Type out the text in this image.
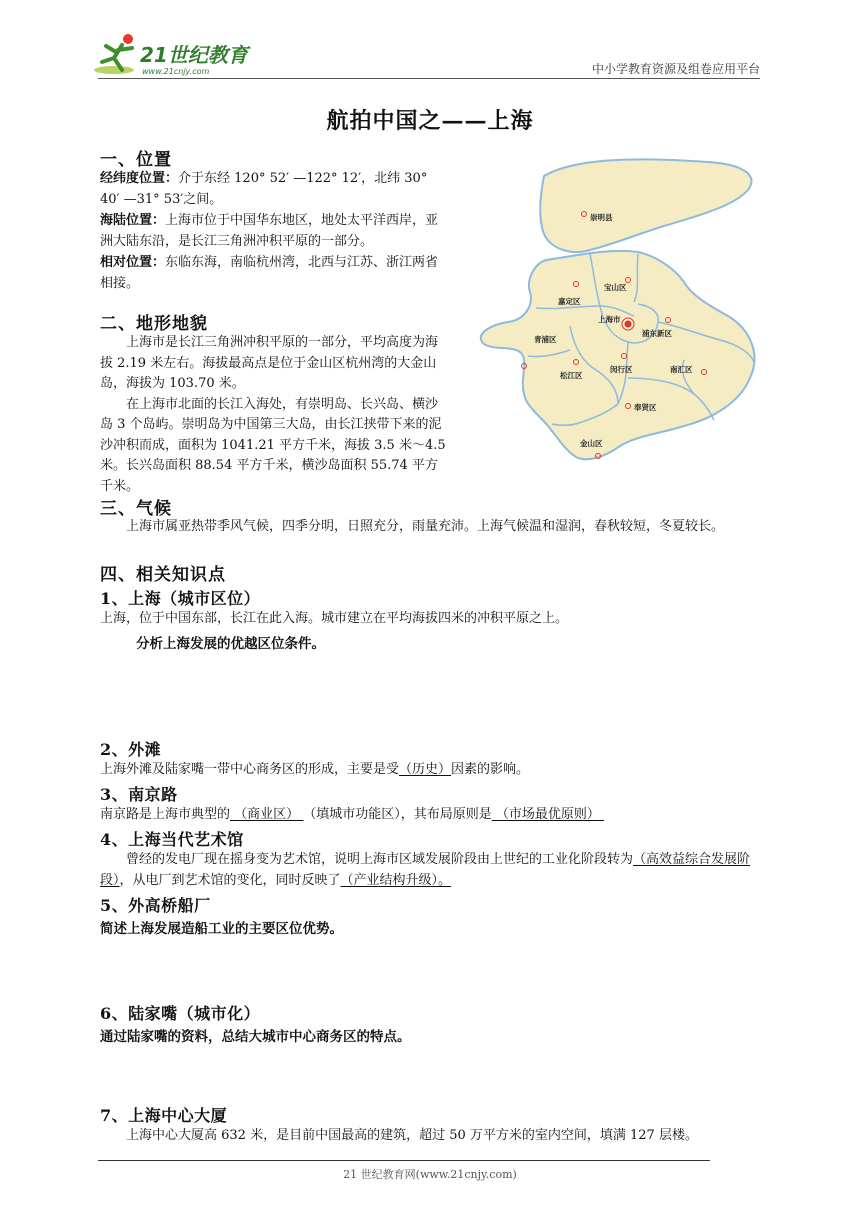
21世纪教育
www.21cnjy.com	中小学教育资源及组卷应用平台
航拍中国之——上海
一、位置

经纬度位置：介于东经 120° 52′ —122° 12′，北纬 30° 40′ —31° 53′之间。

海陆位置：上海市位于中国华东地区，地处太平洋西岸，亚洲大陆东沿，是长江三角洲冲积平原的一部分。

相对位置：东临东海，南临杭州湾，北西与江苏、浙江两省相接。

二、地形地貌

上海市是长江三角洲冲积平原的一部分，平均高度为海拔 2.19 米左右。海拔最高点是位于金山区杭州湾的大金山岛，海拔为 103.70 米。

在上海市北面的长江入海处，有崇明岛、长兴岛、横沙岛 3 个岛屿。崇明岛为中国第三大岛，由长江挟带下来的泥沙冲积而成，面积为 1041.21 平方千米，海拔 3.5 米～4.5 米。长兴岛面积 88.54 平方千米，横沙岛面积 55.74 平方千米。

崇明县
宝山区
嘉定区
上海市
浦东新区
青浦区
闵行区
松江区
南汇区
奉贤区
金山区
三、气候
上海市属亚热带季风气候，四季分明，日照充分，雨量充沛。上海气候温和湿润，春秋较短，冬夏较长。
四、相关知识点
1、上海（城市区位）
上海，位于中国东部，长江在此入海。城市建立在平均海拔四米的冲积平原之上。
分析上海发展的优越区位条件。
2、外滩
上海外滩及陆家嘴一带中心商务区的形成，主要是受（历史）因素的影响。
3、南京路
南京路是上海市典型的 （商业区） （填城市功能区），其布局原则是 （市场最优原则）
4、上海当代艺术馆
曾经的发电厂现在摇身变为艺术馆，说明上海市区域发展阶段由上世纪的工业化阶段转为（高效益综合发展阶段），从电厂到艺术馆的变化，同时反映了（产业结构升级）。
5、外高桥船厂
简述上海发展造船工业的主要区位优势。
6、陆家嘴（城市化）
通过陆家嘴的资料，总结大城市中心商务区的特点。
7、上海中心大厦
上海中心大厦高 632 米，是目前中国最高的建筑，超过 50 万平方米的室内空间，填满 127 层楼。
21 世纪教育网(www.21cnjy.com)
